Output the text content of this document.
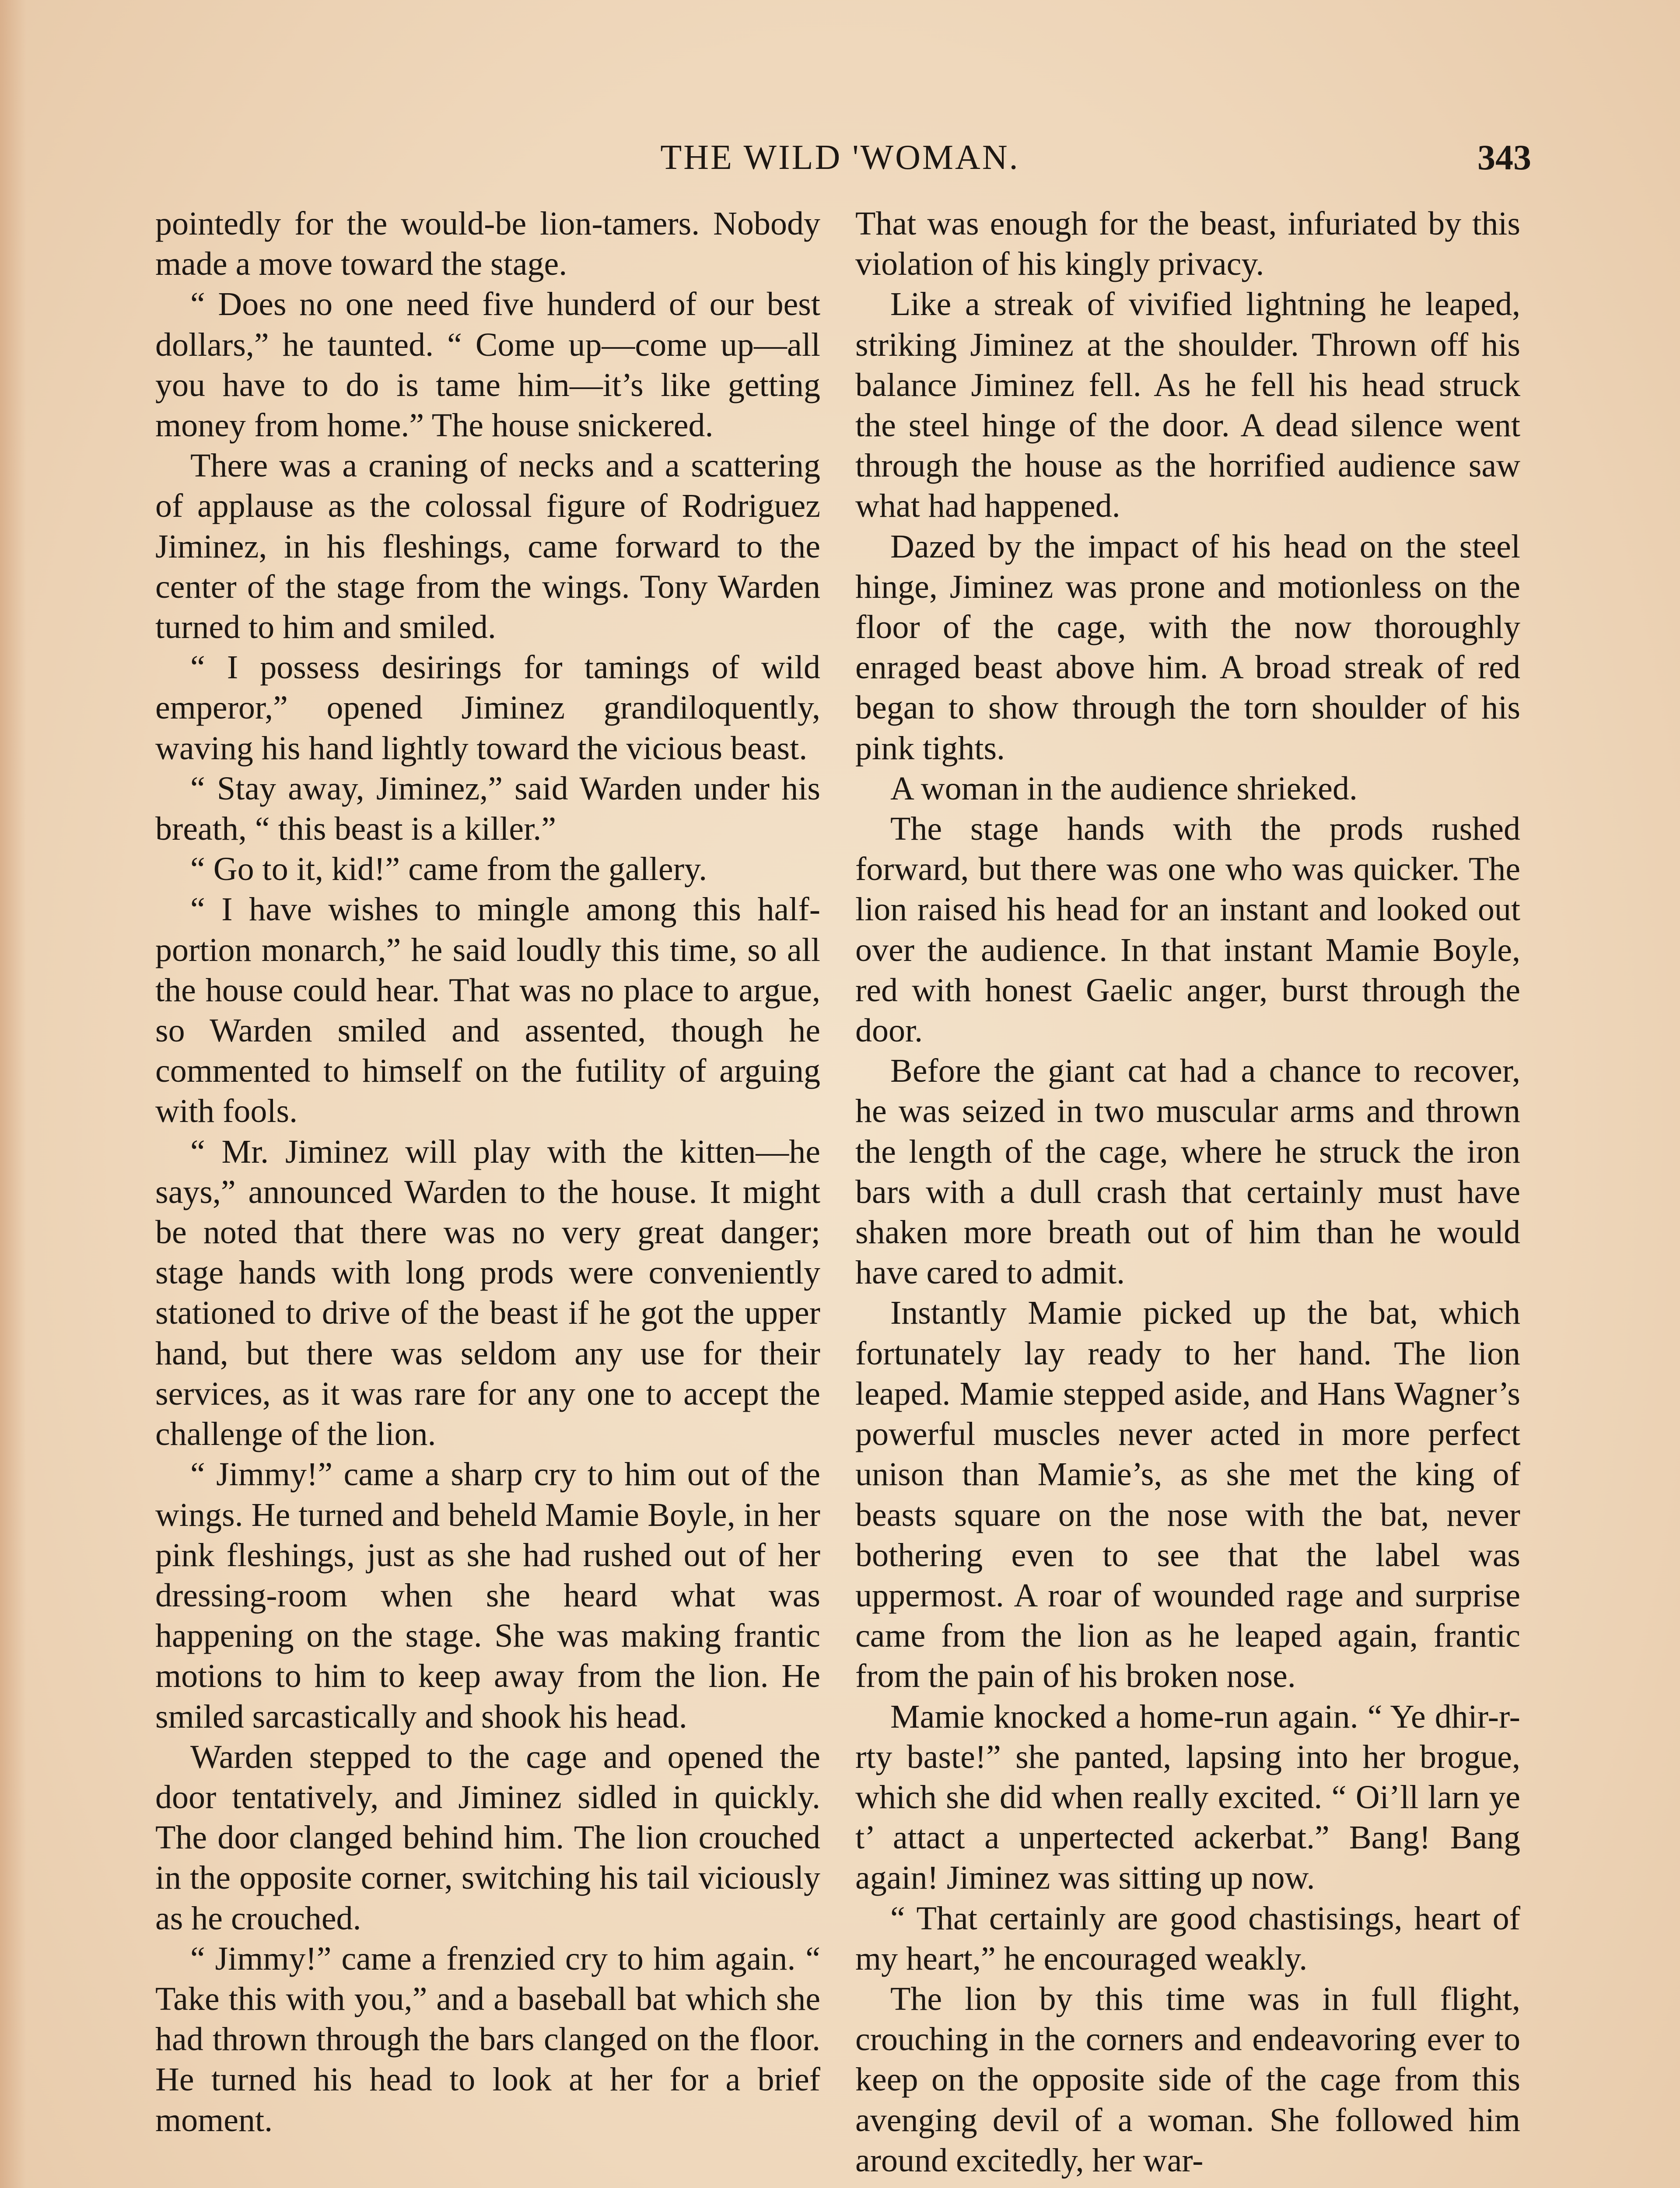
THE WILD 'WOMAN.	343

pointedly for the would-be lion-tamers. Nobody made a move toward the stage.

“ Does no one need five hunderd of our best dollars,” he taunted. “ Come up—come up—all you have to do is tame him—it’s like getting money from home.” The house snickered.

There was a craning of necks and a scattering of applause as the colossal figure of Rodriguez Jiminez, in his fleshings, came forward to the center of the stage from the wings. Tony Warden turned to him and smiled.

“ I possess desirings for tamings of wild emperor,” opened Jiminez grandiloquently, waving his hand lightly toward the vicious beast.

“ Stay away, Jiminez,” said Warden under his breath, “ this beast is a killer.”

“ Go to it, kid!” came from the gallery.

“ I have wishes to mingle among this half-portion monarch,” he said loudly this time, so all the house could hear. That was no place to argue, so Warden smiled and assented, though he commented to himself on the futility of arguing with fools.

“ Mr. Jiminez will play with the kitten—he says,” announced Warden to the house. It might be noted that there was no very great danger; stage hands with long prods were conveniently stationed to drive of the beast if he got the upper hand, but there was seldom any use for their services, as it was rare for any one to accept the challenge of the lion.

“ Jimmy!” came a sharp cry to him out of the wings. He turned and beheld Mamie Boyle, in her pink fleshings, just as she had rushed out of her dressing-room when she heard what was happening on the stage. She was making frantic motions to him to keep away from the lion. He smiled sarcastically and shook his head.

Warden stepped to the cage and opened the door tentatively, and Jiminez sidled in quickly. The door clanged behind him. The lion crouched in the opposite corner, switching his tail viciously as he crouched.

“ Jimmy!” came a frenzied cry to him again. “ Take this with you,” and a baseball bat which she had thrown through the bars clanged on the floor. He turned his head to look at her for a brief moment.

That was enough for the beast, infuriated by this violation of his kingly privacy.

Like a streak of vivified lightning he leaped, striking Jiminez at the shoulder. Thrown off his balance Jiminez fell. As he fell his head struck the steel hinge of the door. A dead silence went through the house as the horrified audience saw what had happened.

Dazed by the impact of his head on the steel hinge, Jiminez was prone and motionless on the floor of the cage, with the now thoroughly enraged beast above him. A broad streak of red began to show through the torn shoulder of his pink tights.

A woman in the audience shrieked.

The stage hands with the prods rushed forward, but there was one who was quicker. The lion raised his head for an instant and looked out over the audience. In that instant Mamie Boyle, red with honest Gaelic anger, burst through the door.

Before the giant cat had a chance to recover, he was seized in two muscular arms and thrown the length of the cage, where he struck the iron bars with a dull crash that certainly must have shaken more breath out of him than he would have cared to admit.

Instantly Mamie picked up the bat, which fortunately lay ready to her hand. The lion leaped. Mamie stepped aside, and Hans Wagner’s powerful muscles never acted in more perfect unison than Mamie’s, as she met the king of beasts square on the nose with the bat, never bothering even to see that the label was uppermost. A roar of wounded rage and surprise came from the lion as he leaped again, frantic from the pain of his broken nose.

Mamie knocked a home-run again. “ Ye dhir-r-rty baste!” she panted, lapsing into her brogue, which she did when really excited. “ Oi’ll larn ye t’ attact a unpertected ackerbat.” Bang! Bang again! Jiminez was sitting up now.

“ That certainly are good chastisings, heart of my heart,” he encouraged weakly.

The lion by this time was in full flight, crouching in the corners and endeavoring ever to keep on the opposite side of the cage from this avenging devil of a woman. She followed him around excitedly, her war-
